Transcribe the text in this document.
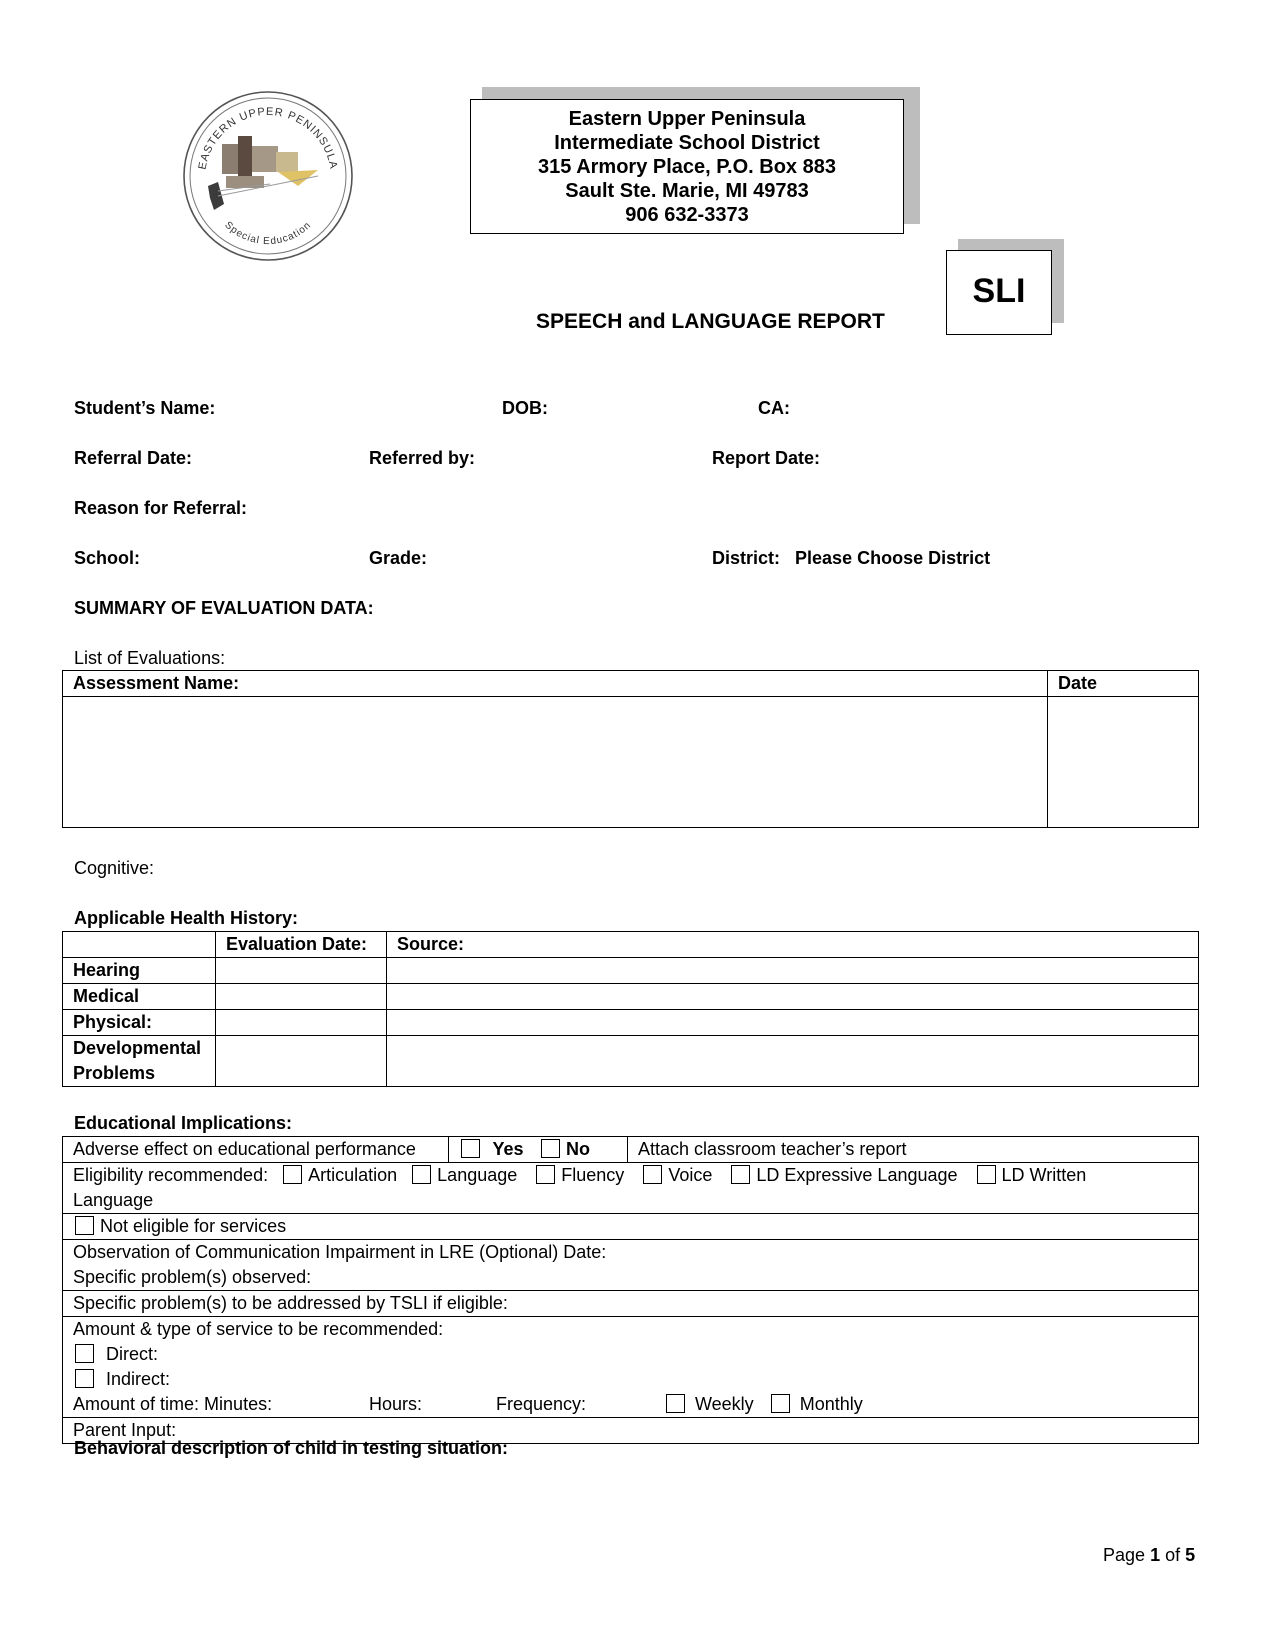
EASTERN UPPER PENINSULA
Special Education
Eastern Upper Peninsula
Intermediate School District
315 Armory Place, P.O. Box 883
Sault Ste. Marie, MI 49783
906 632-3373
SLI
SPEECH and LANGUAGE REPORT
Student’s Name:	DOB:	CA:
Referral Date:	Referred by:	Report Date:
Reason for Referral:
School:	Grade:	District: Please Choose District
SUMMARY OF EVALUATION DATA:
List of Evaluations:
Assessment Name:	Date

Cognitive:
Applicable Health History:
	Evaluation Date:	Source:
Hearing		
Medical		
Physical:		

Developmental
Problems		

Educational Implications:
Adverse effect on educational performance	Yes No	Attach classroom teacher’s report

Eligibility recommended: Articulation Language Fluency Voice LD Expressive Language LD Written
Language

Not eligible for services

Observation of Communication Impairment in LRE (Optional) Date:
Specific problem(s) observed:

Specific problem(s) to be addressed by TSLI if eligible:

Amount & type of service to be recommended:
Direct:
Indirect:
Amount of time: Minutes:	Hours:	Frequency:	Weekly	Monthly

Parent Input:
Behavioral description of child in testing situation:
Page 1 of 5
